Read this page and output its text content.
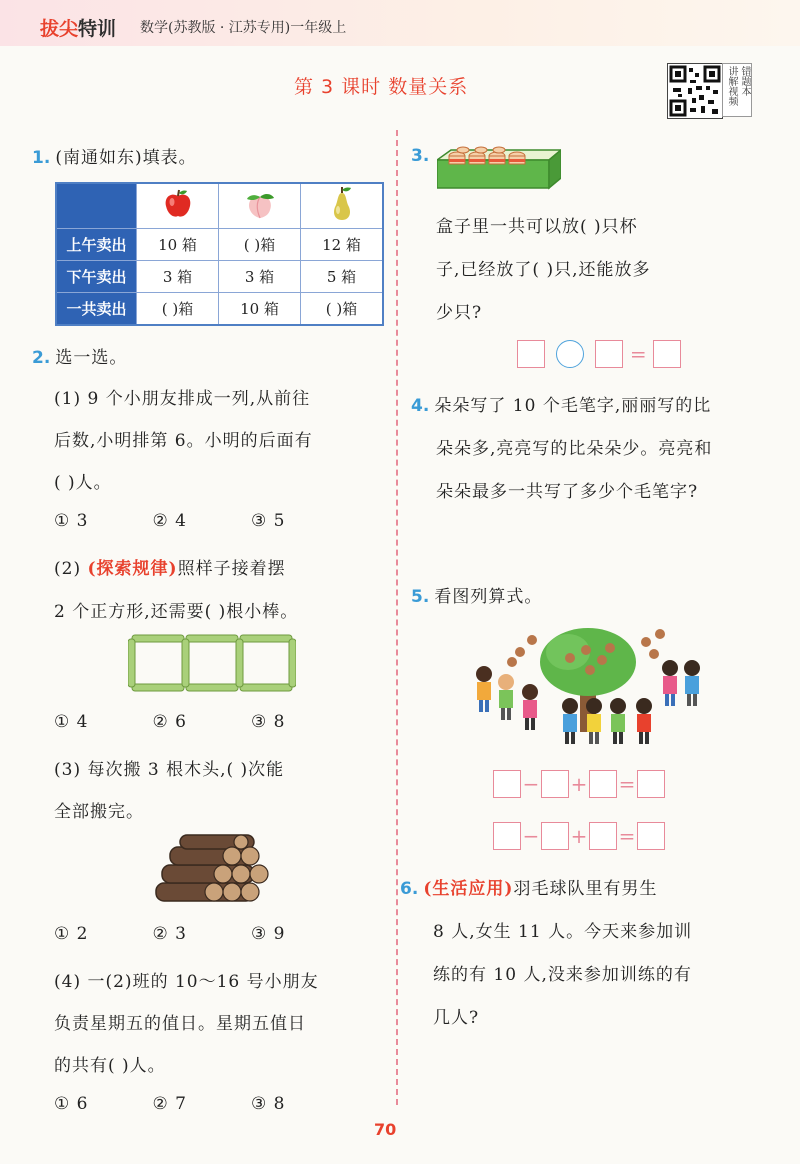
拔尖特训 数学(苏教版 · 江苏专用)一年级上
第 3 课时 数量关系	讲解视频 错题本
1. (南通如东)填表。

上午卖出	10 箱	( )箱	12 箱
下午卖出	3 箱	3 箱	5 箱
一共卖出	( )箱	10 箱	( )箱
2. 选一选。
(1) 9 个小朋友排成一列,从前往
后数,小明排第 6。小明的后面有
( )人。
① 3          ② 4          ③ 5
(2) (探索规律)照样子接着摆
2 个正方形,还需要( )根小棒。
① 4          ② 6          ③ 8
(3) 每次搬 3 根木头,( )次能
全部搬完。
① 2          ② 3          ③ 9
(4) 一(2)班的 10～16 号小朋友
负责星期五的值日。星期五值日
的共有( )人。
① 6          ② 7          ③ 8
3.
盒子里一共可以放( )只杯
子,已经放了( )只,还能放多
少只?
=
4. 朵朵写了 10 个毛笔字,丽丽写的比
朵朵多,亮亮写的比朵朵少。亮亮和
朵朵最多一共写了多少个毛笔字?
5. 看图列算式。
− + =
− + =
6. (生活应用)羽毛球队里有男生
8 人,女生 11 人。今天来参加训
练的有 10 人,没来参加训练的有
几人?
70
